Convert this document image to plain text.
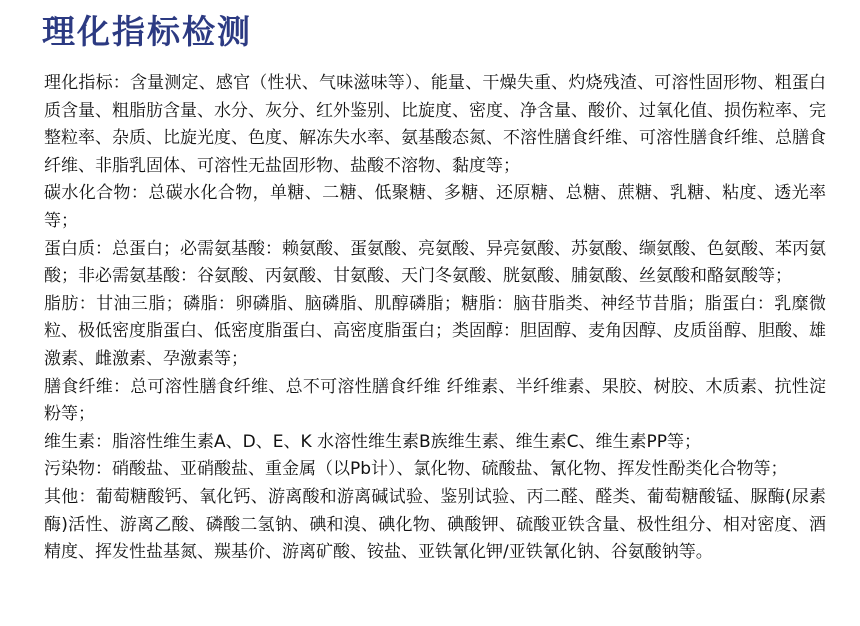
理化指标检测

理化指标：含量测定、感官（性状、气味滋味等）、能量、干燥失重、灼烧残渣、可溶性固形物、粗蛋白质含量、粗脂肪含量、水分、灰分、红外鉴别、比旋度、密度、净含量、酸价、过氧化值、损伤粒率、完整粒率、杂质、比旋光度、色度、解冻失水率、氨基酸态氮、不溶性膳食纤维、可溶性膳食纤维、总膳食纤维、非脂乳固体、可溶性无盐固形物、盐酸不溶物、黏度等；

碳水化合物：总碳水化合物，单糖、二糖、低聚糖、多糖、还原糖、总糖、蔗糖、乳糖、粘度、透光率等；

蛋白质：总蛋白；必需氨基酸：赖氨酸、蛋氨酸、亮氨酸、异亮氨酸、苏氨酸、缬氨酸、色氨酸、苯丙氨酸；非必需氨基酸：谷氨酸、丙氨酸、甘氨酸、天门冬氨酸、胱氨酸、脯氨酸、丝氨酸和酪氨酸等；

脂肪：甘油三脂；磷脂：卵磷脂、脑磷脂、肌醇磷脂；糖脂：脑苷脂类、神经节昔脂；脂蛋白：乳糜微粒、极低密度脂蛋白、低密度脂蛋白、高密度脂蛋白；类固醇：胆固醇、麦角因醇、皮质甾醇、胆酸、雄激素、雌激素、孕激素等；

膳食纤维：总可溶性膳食纤维、总不可溶性膳食纤维 纤维素、半纤维素、果胶、树胶、木质素、抗性淀粉等；

维生素：脂溶性维生素A、D、E、K 水溶性维生素B族维生素、维生素C、维生素PP等；

污染物：硝酸盐、亚硝酸盐、重金属（以Pb计）、氯化物、硫酸盐、氰化物、挥发性酚类化合物等；

其他：葡萄糖酸钙、氧化钙、游离酸和游离碱试验、鉴别试验、丙二醛、醛类、葡萄糖酸锰、脲酶(尿素酶)活性、游离乙酸、磷酸二氢钠、碘和溴、碘化物、碘酸钾、硫酸亚铁含量、极性组分、相对密度、酒精度、挥发性盐基氮、羰基价、游离矿酸、铵盐、亚铁氰化钾/亚铁氰化钠、谷氨酸钠等。
